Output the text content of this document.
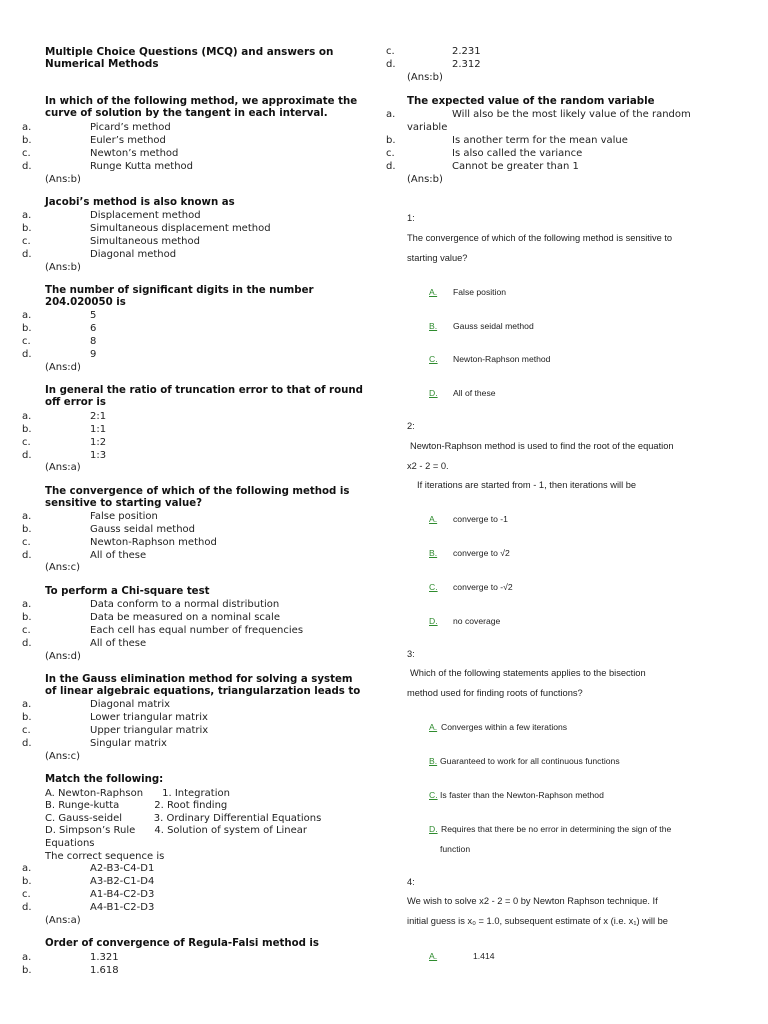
Multiple Choice Questions (MCQ) and answers on
Numerical Methods
In which of the following method, we approximate the curve of solution by the tangent in each interval.
a.	Picard’s method
b.	Euler’s method
c.	Newton’s method
d.	Runge Kutta method
(Ans:b)
Jacobi’s method is also known as
a.	Displacement method
b.	Simultaneous displacement method
c.	Simultaneous method
d.	Diagonal method
(Ans:b)
The number of significant digits in the number 204.020050 is
a.	5
b.	6
c.	8
d.	9
(Ans:d)
In general the ratio of truncation error to that of round off error is
a.	2:1
b.	1:1
c.	1:2
d.	1:3
(Ans:a)
The convergence of which of the following method is sensitive to starting value?
a.	False position
b.	Gauss seidal method
c.	Newton-Raphson method
d.	All of these
(Ans:c)
To perform a Chi-square test
a.	Data conform to a normal distribution
b.	Data be measured on a nominal scale
c.	Each cell has equal number of frequencies
d.	All of these
(Ans:d)
In the Gauss elimination method for solving a system of linear algebraic equations, triangularzation leads to
a.	Diagonal matrix
b.	Lower triangular matrix
c.	Upper triangular matrix
d.	Singular matrix
(Ans:c)
Match the following:
A. Newton-Raphson      1. Integration
B. Runge-kutta           2. Root finding
C. Gauss-seidel          3. Ordinary Differential Equations
D. Simpson’s Rule      4. Solution of system of Linear
Equations
The correct sequence is
a.	A2-B3-C4-D1
b.	A3-B2-C1-D4
c.	A1-B4-C2-D3
d.	A4-B1-C2-D3
(Ans:a)
Order of convergence of Regula-Falsi method is
a.	1.321
b.	1.618
c.	2.231
d.	2.312
(Ans:b)
The expected value of the random variable
a.	Will also be the most likely value of the random
variable
b.	Is another term for the mean value
c.	Is also called the variance
d.	Cannot be greater than 1
(Ans:b)
1:
The convergence of which of the following method is sensitive to
starting value?
A. False position
B. Gauss seidal method
C. Newton-Raphson method
D. All of these
2:
Newton-Raphson method is used to find the root of the equation
x2 - 2 = 0.
If iterations are started from - 1, then iterations will be
A. converge to -1
B. converge to √2
C. converge to -√2
D. no coverage
3:
Which of the following statements applies to the bisection
method used for finding roots of functions?
A. Converges within a few iterations
B. Guaranteed to work for all continuous functions
C. Is faster than the Newton-Raphson method
D. Requires that there be no error in determining the sign of the
function
4:
We wish to solve x2 - 2 = 0 by Newton Raphson technique. If
initial guess is x₀ = 1.0, subsequent estimate of x (i.e. x₁) will be
A.	1.414
